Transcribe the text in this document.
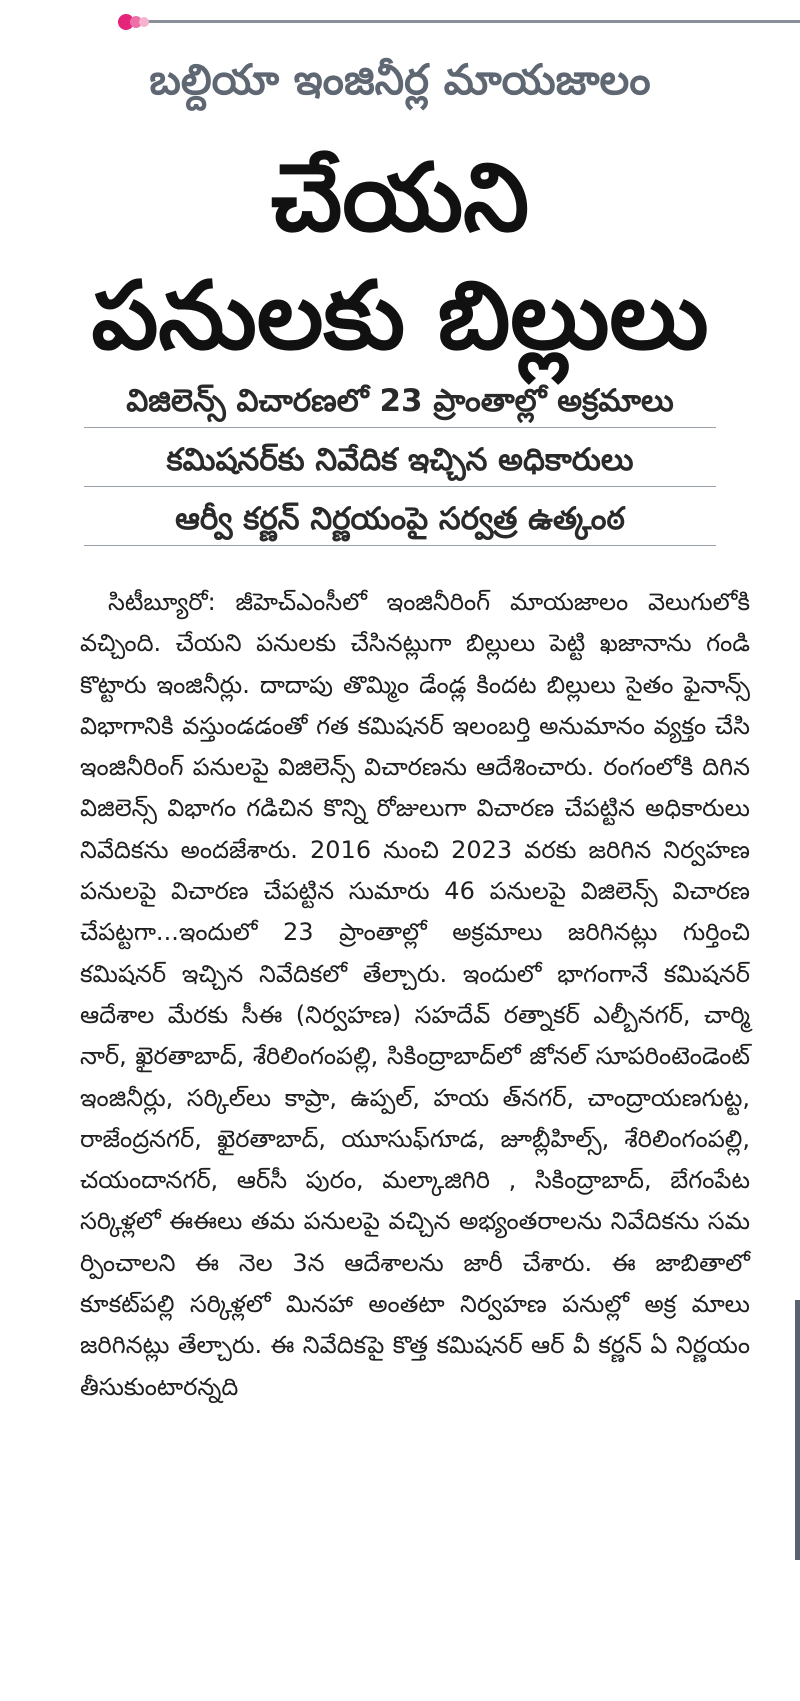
బల్దియా ఇంజినీర్ల మాయజాలం
చేయని
పనులకు బిల్లులు
విజిలెన్స్ విచారణలో 23 ప్రాంతాల్లో అక్రమాలు
కమిషనర్‌కు నివేదిక ఇచ్చిన అధికారులు
ఆర్వీ కర్ణన్ నిర్ణయంపై సర్వత్ర ఉత్కంఠ
సిటీబ్యూరో: జీహెచ్‌ఎంసీలో ఇంజినీరింగ్ మాయజాలం వెలుగులోకి వచ్చింది. చేయని పనులకు చేసినట్లుగా బిల్లులు పెట్టి ఖజానాను గండి కొట్టారు ఇంజినీర్లు. దాదాపు తొమ్మిం డేండ్ల కిందట బిల్లులు సైతం ఫైనాన్స్ విభాగానికి వస్తుండడంతో గత కమిషనర్ ఇలంబర్తి అనుమానం వ్యక్తం చేసి ఇంజినీరింగ్ పనులపై విజిలెన్స్ విచారణను ఆదేశించారు. రంగంలోకి దిగిన విజిలెన్స్ విభాగం గడిచిన కొన్ని రోజులుగా విచారణ చేపట్టిన అధికారులు నివేదికను అందజేశారు. 2016 నుంచి 2023 వరకు జరిగిన నిర్వహణ పనులపై విచారణ చేపట్టిన సుమారు 46 పనులపై విజిలెన్స్ విచారణ చేపట్టగా...ఇందులో 23 ప్రాంతాల్లో అక్రమాలు జరిగినట్లు గుర్తించి కమిషనర్ ఇచ్చిన నివేదికలో తేల్చారు. ఇందులో భాగంగానే కమిషనర్ ఆదేశాల మేరకు సీఈ (నిర్వహణ) సహదేవ్ రత్నాకర్ ఎల్బీనగర్, చార్మి నార్, ఖైరతాబాద్, శేరిలింగంపల్లి, సికింద్రాబాద్‌లో జోనల్ సూపరింటెండెంట్ ఇంజినీర్లు, సర్కిల్‌లు కాప్రా, ఉప్పల్, హయ త్‌నగర్, చాంద్రాయణగుట్ట, రాజేంద్రనగర్, ఖైరతాబాద్, యూసుఫ్‌గూడ, జూబ్లీహిల్స్, శేరిలింగంపల్లి, చయందానగర్, ఆర్‌సీ పురం, మల్కాజిగిరి , సికింద్రాబాద్, బేగంపేట సర్కిళ్లలో ఈఈలు తమ పనులపై వచ్చిన అభ్యంతరాలను నివేదికను సమ ర్పించాలని ఈ నెల 3న ఆదేశాలను జారీ చేశారు. ఈ జాబితాలో కూకట్‌పల్లి సర్కిళ్లలో మినహా అంతటా నిర్వహణ పనుల్లో అక్ర మాలు జరిగినట్లు తేల్చారు. ఈ నివేదికపై కొత్త కమిషనర్ ఆర్ వీ కర్ణన్ ఏ నిర్ణయం తీసుకుంటారన్నది
